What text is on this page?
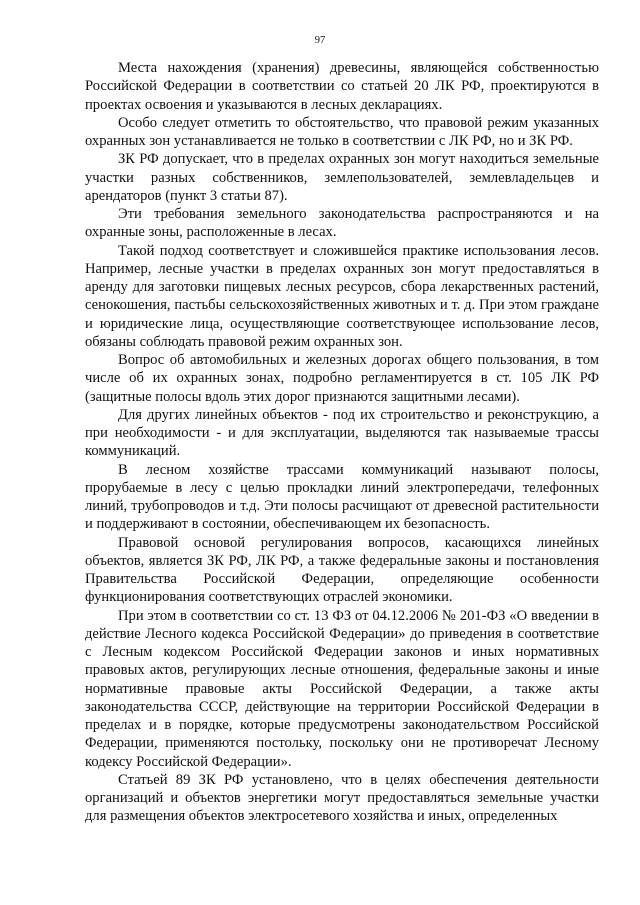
97

Места нахождения (хранения) древесины, являющейся собственностью Российской Федерации в соответствии со статьей 20 ЛК РФ, проектируются в проектах освоения и указываются в лесных декларациях.

Особо следует отметить то обстоятельство, что правовой режим указанных охранных зон устанавливается не только в соответствии с ЛК РФ, но и ЗК РФ.

ЗК РФ допускает, что в пределах охранных зон могут находиться земельные участки разных собственников, землепользователей, землевладельцев и арендаторов (пункт 3 статьи 87).

Эти требования земельного законодательства распространяются и на охранные зоны, расположенные в лесах.

Такой подход соответствует и сложившейся практике использования лесов. Например, лесные участки в пределах охранных зон могут предоставляться в аренду для заготовки пищевых лесных ресурсов, сбора лекарственных растений, сенокошения, пастьбы сельскохозяйственных животных и т. д. При этом граждане и юридические лица, осуществляющие соответствующее использование лесов, обязаны соблюдать правовой режим охранных зон.

Вопрос об автомобильных и железных дорогах общего пользования, в том числе об их охранных зонах, подробно регламентируется в ст. 105 ЛК РФ (защитные полосы вдоль этих дорог признаются защитными лесами).

Для других линейных объектов - под их строительство и реконструкцию, а при необходимости - и для эксплуатации, выделяются так называемые трассы коммуникаций.

В лесном хозяйстве трассами коммуникаций называют полосы, прорубаемые в лесу с целью прокладки линий электропередачи, телефонных линий, трубопроводов и т.д. Эти полосы расчищают от древесной растительности и поддерживают в состоянии, обеспечивающем их безопасность.

Правовой основой регулирования вопросов, касающихся линейных объектов, является ЗК РФ, ЛК РФ, а также федеральные законы и постановления Правительства Российской Федерации, определяющие особенности функционирования соответствующих отраслей экономики.

При этом в соответствии со ст. 13 ФЗ от 04.12.2006 № 201-ФЗ «О введении в действие Лесного кодекса Российской Федерации» до приведения в соответствие с Лесным кодексом Российской Федерации законов и иных нормативных правовых актов, регулирующих лесные отношения, федеральные законы и иные нормативные правовые акты Российской Федерации, а также акты законодательства СССР, действующие на территории Российской Федерации в пределах и в порядке, которые предусмотрены законодательством Российской Федерации, применяются постольку, поскольку они не противоречат Лесному кодексу Российской Федерации».

Статьей 89 ЗК РФ установлено, что в целях обеспечения деятельности организаций и объектов энергетики могут предоставляться земельные участки для размещения объектов электросетевого хозяйства и иных, определенных
